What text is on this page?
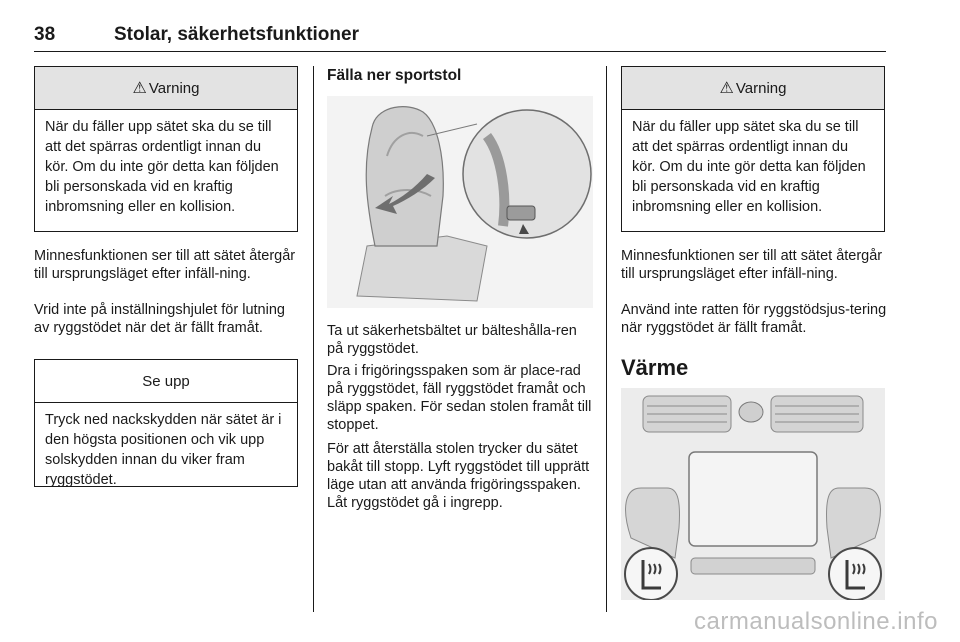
38	Stolar, säkerhetsfunktioner
⚠ Varning
När du fäller upp sätet ska du se till att det spärras ordentligt innan du kör. Om du inte gör detta kan följden bli personskada vid en kraftig inbromsning eller en kollision.

Minnesfunktionen ser till att sätet återgår till ursprungsläget efter infäll-ning.

Vrid inte på inställningshjulet för lutning av ryggstödet när det är fällt framåt.

Se upp
Tryck ned nackskydden när sätet är i den högsta positionen och vik upp solskydden innan du viker fram ryggstödet.
Fälla ner sportstol

Ta ut säkerhetsbältet ur bälteshålla-ren på ryggstödet.

Dra i frigöringsspaken som är place-rad på ryggstödet, fäll ryggstödet framåt och släpp spaken. För sedan stolen framåt till stoppet.

För att återställa stolen trycker du sätet bakåt till stopp. Lyft ryggstödet till upprätt läge utan att använda frigöringsspaken. Låt ryggstödet gå i ingrepp.

⚠ Varning
När du fäller upp sätet ska du se till att det spärras ordentligt innan du kör. Om du inte gör detta kan följden bli personskada vid en kraftig inbromsning eller en kollision.

Minnesfunktionen ser till att sätet återgår till ursprungsläget efter infäll-ning.

Använd inte ratten för ryggstödsjus-tering när ryggstödet är fällt framåt.

Värme
carmanualsonline.info
